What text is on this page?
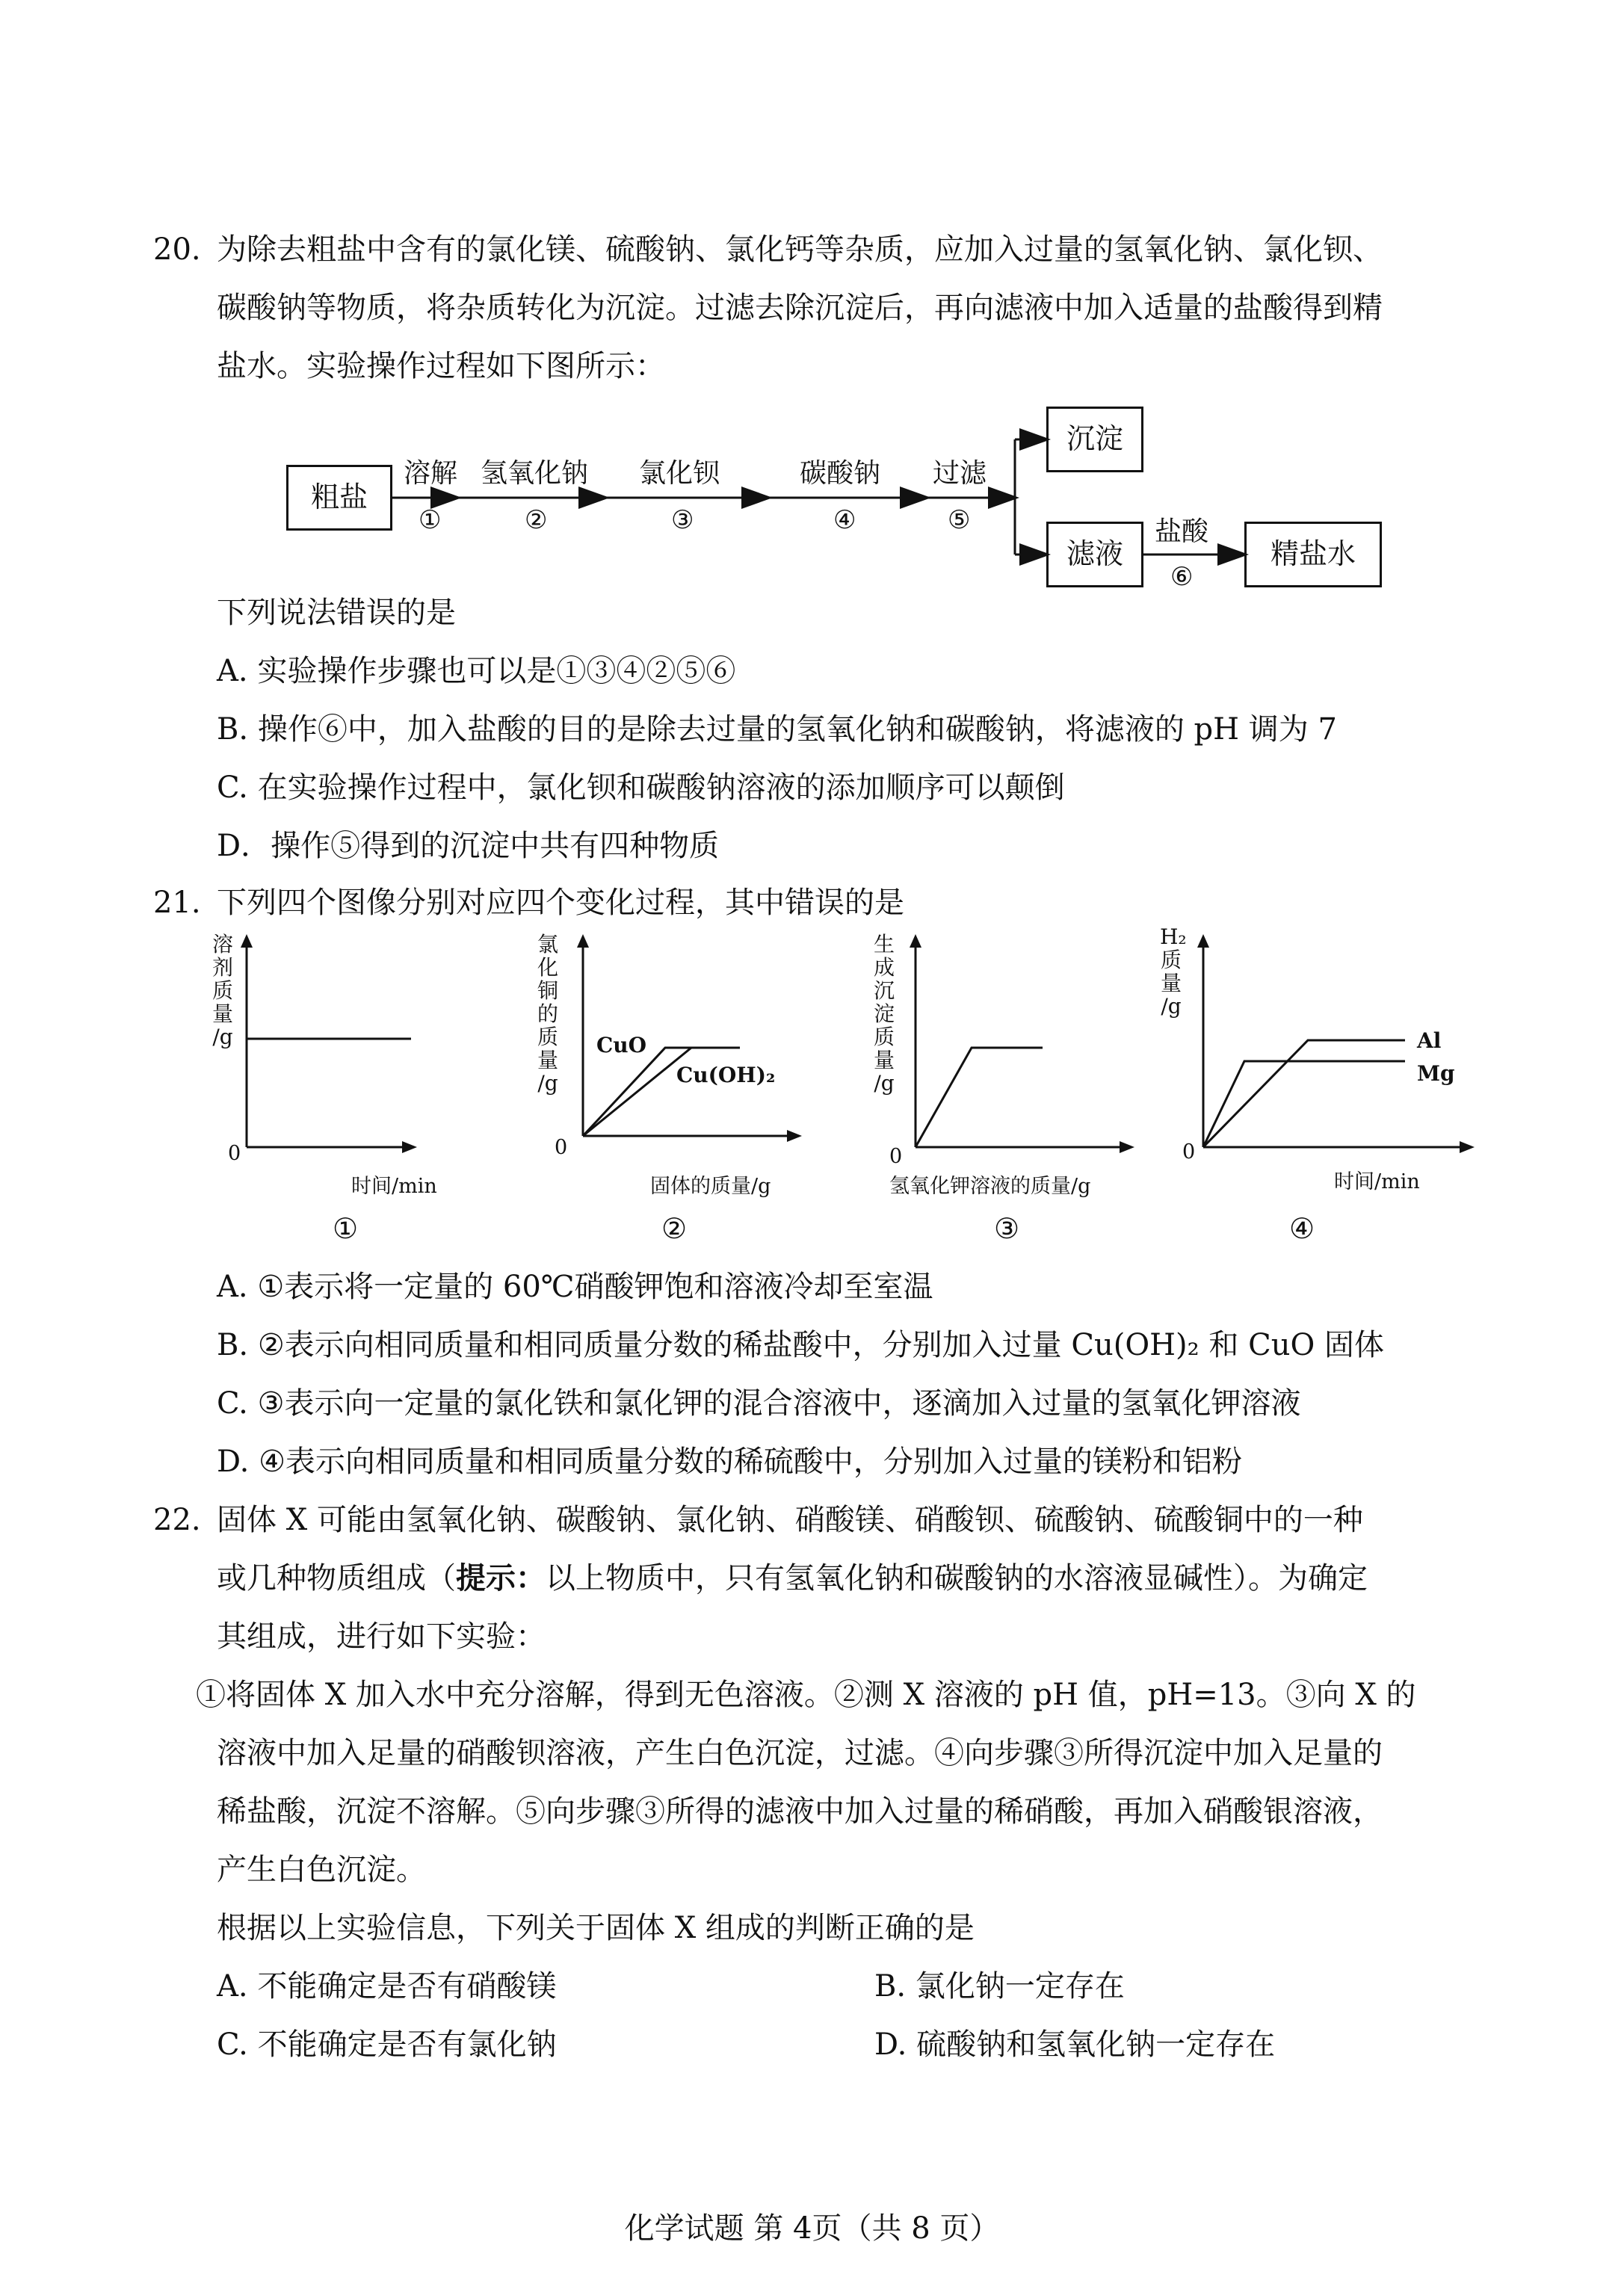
20. 为除去粗盐中含有的氯化镁、硫酸钠、氯化钙等杂质，应加入过量的氢氧化钠、氯化钡、
碳酸钠等物质，将杂质转化为沉淀。过滤去除沉淀后，再向滤液中加入适量的盐酸得到精
盐水。实验操作过程如下图所示：
粗盐
溶解
①
氢氧化钠
②
氯化钡
③
碳酸钠
④
过滤
⑤
沉淀
滤液
盐酸
⑥
精盐水
下列说法错误的是
A. 实验操作步骤也可以是①③④②⑤⑥
B. 操作⑥中，加入盐酸的目的是除去过量的氢氧化钠和碳酸钠，将滤液的 pH 调为 7
C. 在实验操作过程中，氯化钡和碳酸钠溶液的添加顺序可以颠倒
D．操作⑤得到的沉淀中共有四种物质
21. 下列四个图像分别对应四个变化过程，其中错误的是
溶
剂
质
量
/g
0
时间/min
①
氯
化
铜
的
质
量
/g
CuO
Cu(OH)₂
0
固体的质量/g
②
生
成
沉
淀
质
量
/g
0
氢氧化钾溶液的质量/g
③
H₂
质
量
/g
Al
Mg
0
时间/min
④
A. ①表示将一定量的 60℃硝酸钾饱和溶液冷却至室温
B. ②表示向相同质量和相同质量分数的稀盐酸中，分别加入过量 Cu(OH)₂ 和 CuO 固体
C. ③表示向一定量的氯化铁和氯化钾的混合溶液中，逐滴加入过量的氢氧化钾溶液
D. ④表示向相同质量和相同质量分数的稀硫酸中，分别加入过量的镁粉和铝粉
22. 固体 X 可能由氢氧化钠、碳酸钠、氯化钠、硝酸镁、硝酸钡、硫酸钠、硫酸铜中的一种
或几种物质组成（提示：以上物质中，只有氢氧化钠和碳酸钠的水溶液显碱性）。为确定
其组成，进行如下实验：
①将固体 X 加入水中充分溶解，得到无色溶液。②测 X 溶液的 pH 值，pH=13。③向 X 的
溶液中加入足量的硝酸钡溶液，产生白色沉淀，过滤。④向步骤③所得沉淀中加入足量的
稀盐酸，沉淀不溶解。⑤向步骤③所得的滤液中加入过量的稀硝酸，再加入硝酸银溶液，
产生白色沉淀。
根据以上实验信息，下列关于固体 X 组成的判断正确的是
A. 不能确定是否有硝酸镁	B. 氯化钠一定存在
C. 不能确定是否有氯化钠	D. 硫酸钠和氢氧化钠一定存在
化学试题 第 4页（共 8 页）
